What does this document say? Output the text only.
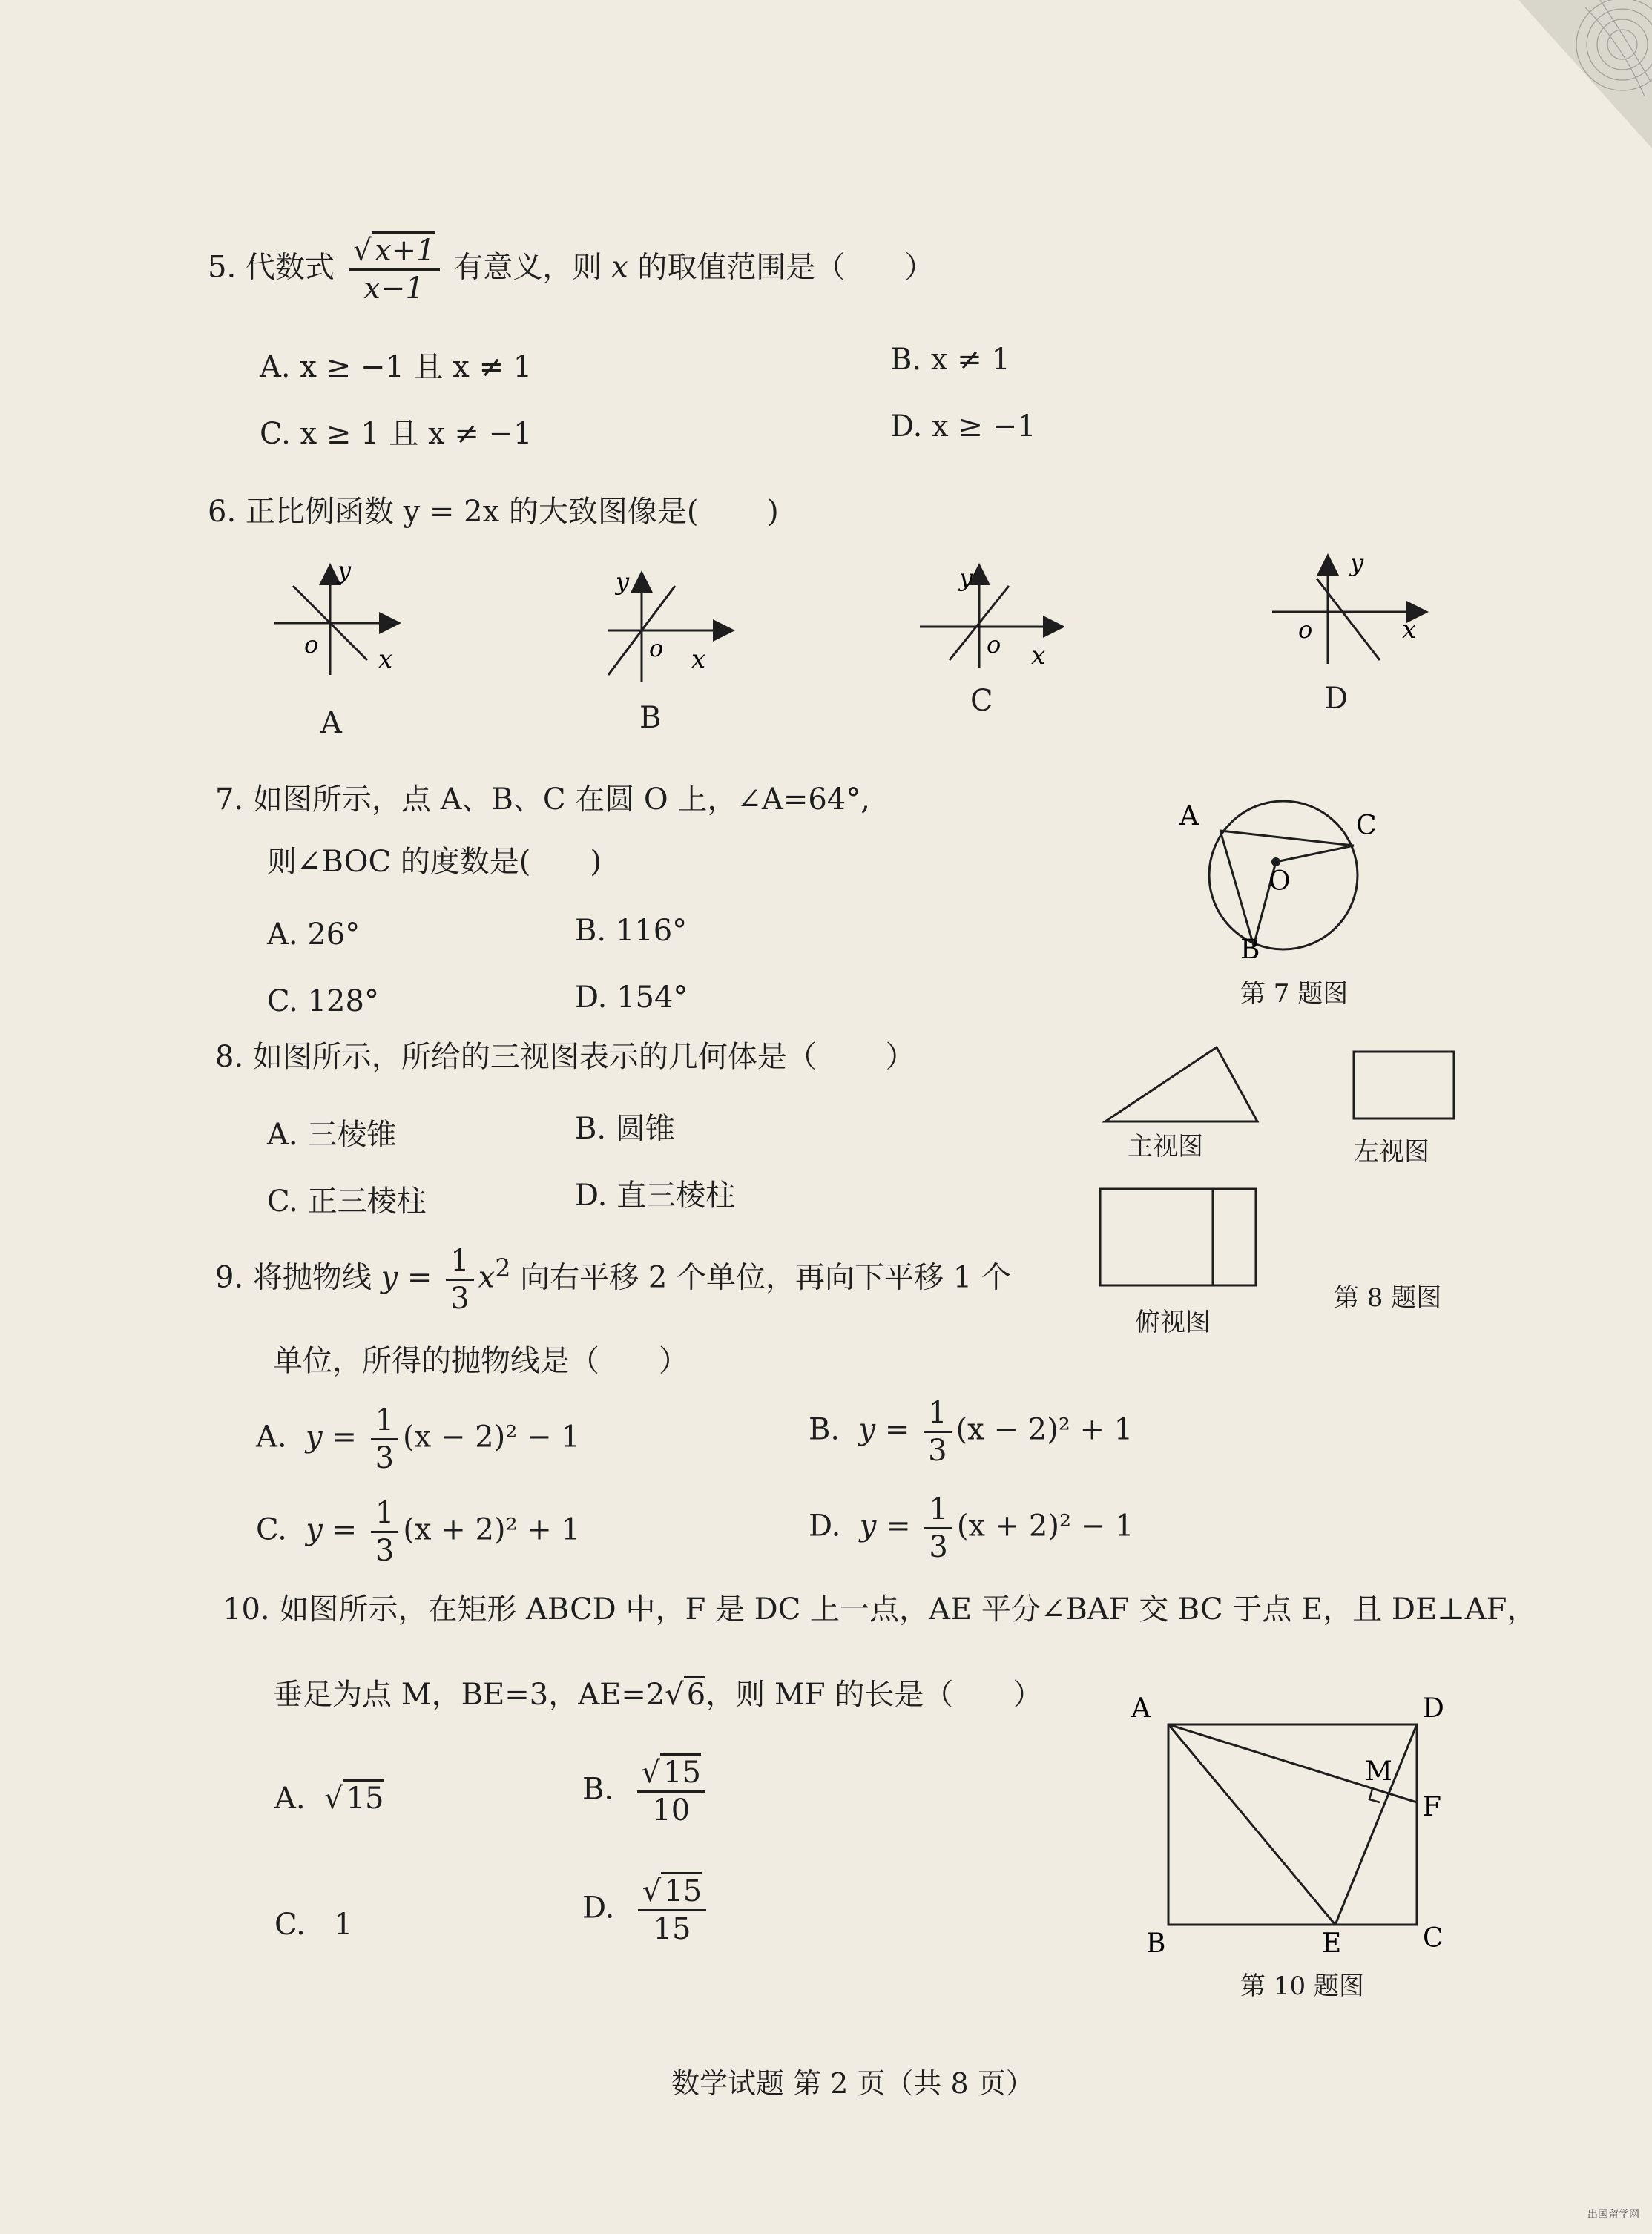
5. 代数式 $\frac{√ x+1}{x-1}$ 有意义，则 x 的取值范围是（　　）
A. x ≥ −1 且 x ≠ 1	B. x ≠ 1
C. x ≥ 1 且 x ≠ −1	D. x ≥ −1
6. 正比例函数 y = 2x 的大致图像是(　　 )
y
o x
A
y
o x
B
y
o x
C
y
o	x
D
7. 如图所示，点 A、B、C 在圆 O 上，∠A=64°,
则∠BOC 的度数是(　　)
A. 26°	B. 116°
C. 128°	D. 154°
A	C
O
B
第 7 题图
8. 如图所示，所给的三视图表示的几何体是（　　 ）
A. 三棱锥	B. 圆锥
C. 正三棱柱	D. 直三棱柱
主视图	左视图
俯视图
第 8 题图
9. 将抛物线 $y = \frac{1}{3} x^2$ 向右平移 2 个单位，再向下平移 1 个
单位，所得的抛物线是（　　）
A.  $y = \frac{1}{3} (x - 2)^2 - 1$	B.  $y = \frac{1}{3} (x - 2)^2 + 1$
C.  $y = \frac{1}{3} (x + 2)^2 + 1$	D.  $y = \frac{1}{3} (x + 2)^2 - 1$
10. 如图所示，在矩形 ABCD 中，F 是 DC 上一点，AE 平分∠BAF 交 BC 于点 E，且 DE⊥AF，
垂足为点 M，BE=3，AE=2√ 6，则 MF 的长是（　　）
A.  √ 15	B. $\frac{√ 15}{10}$
C.   1	D. $\frac{√ 15}{15}$
A	D
M
F
B	E	C
第 10 题图
数学试题 第 2 页（共 8 页）
出国留学网
